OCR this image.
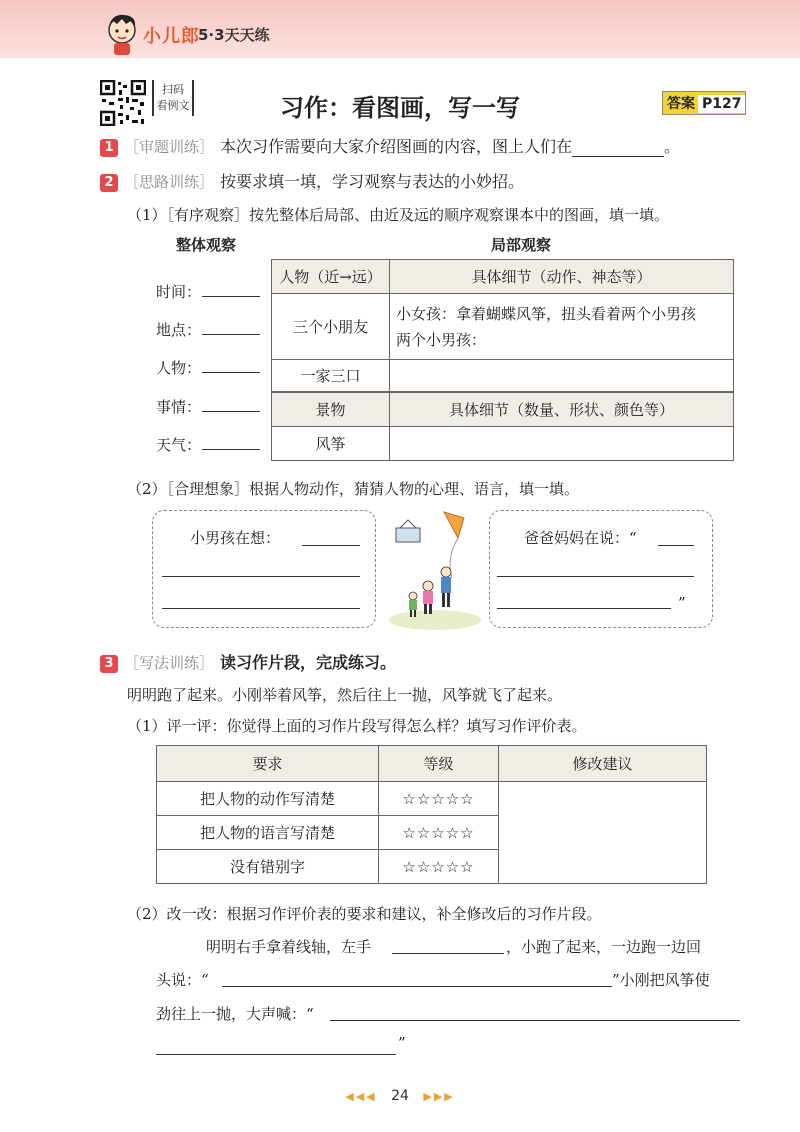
小儿郎
5·3天天练
扫码
看例文	习作：看图画，写一写	答案 P127
1 ［审题训练］ 本次习作需要向大家介绍图画的内容，图上人们在	。
2 ［思路训练］ 按要求填一填，学习观察与表达的小妙招。
（1）［有序观察］按先整体后局部、由近及远的顺序观察课本中的图画，填一填。
整体观察	局部观察
时间：
地点：
人物：
事情：
天气：
人物（近→远）	具体细节（动作、神态等）
三个小朋友	小女孩：拿着蝴蝶风筝，扭头看着两个小男孩
两个小男孩：

一家三口	
景物	具体细节（数量、形状、颜色等）
风筝	
（2）［合理想象］根据人物动作，猜猜人物的心理、语言，填一填。
小男孩在想：	爸爸妈妈在说：“
”
3 ［写法训练］ 读习作片段，完成练习。
明明跑了起来。小刚举着风筝，然后往上一抛，风筝就飞了起来。
（1）评一评：你觉得上面的习作片段写得怎么样？填写习作评价表。
要求	等级	修改建议
把人物的动作写清楚	☆☆☆☆☆	
把人物的语言写清楚	☆☆☆☆☆	
没有错别字	☆☆☆☆☆	
（2）改一改：根据习作评价表的要求和建议，补全修改后的习作片段。
明明右手拿着线轴，左手	，小跑了起来，一边跑一边回
头说：“	”小刚把风筝使
劲往上一抛，大声喊：“
”
◀◀◀ 24 ▶▶▶
